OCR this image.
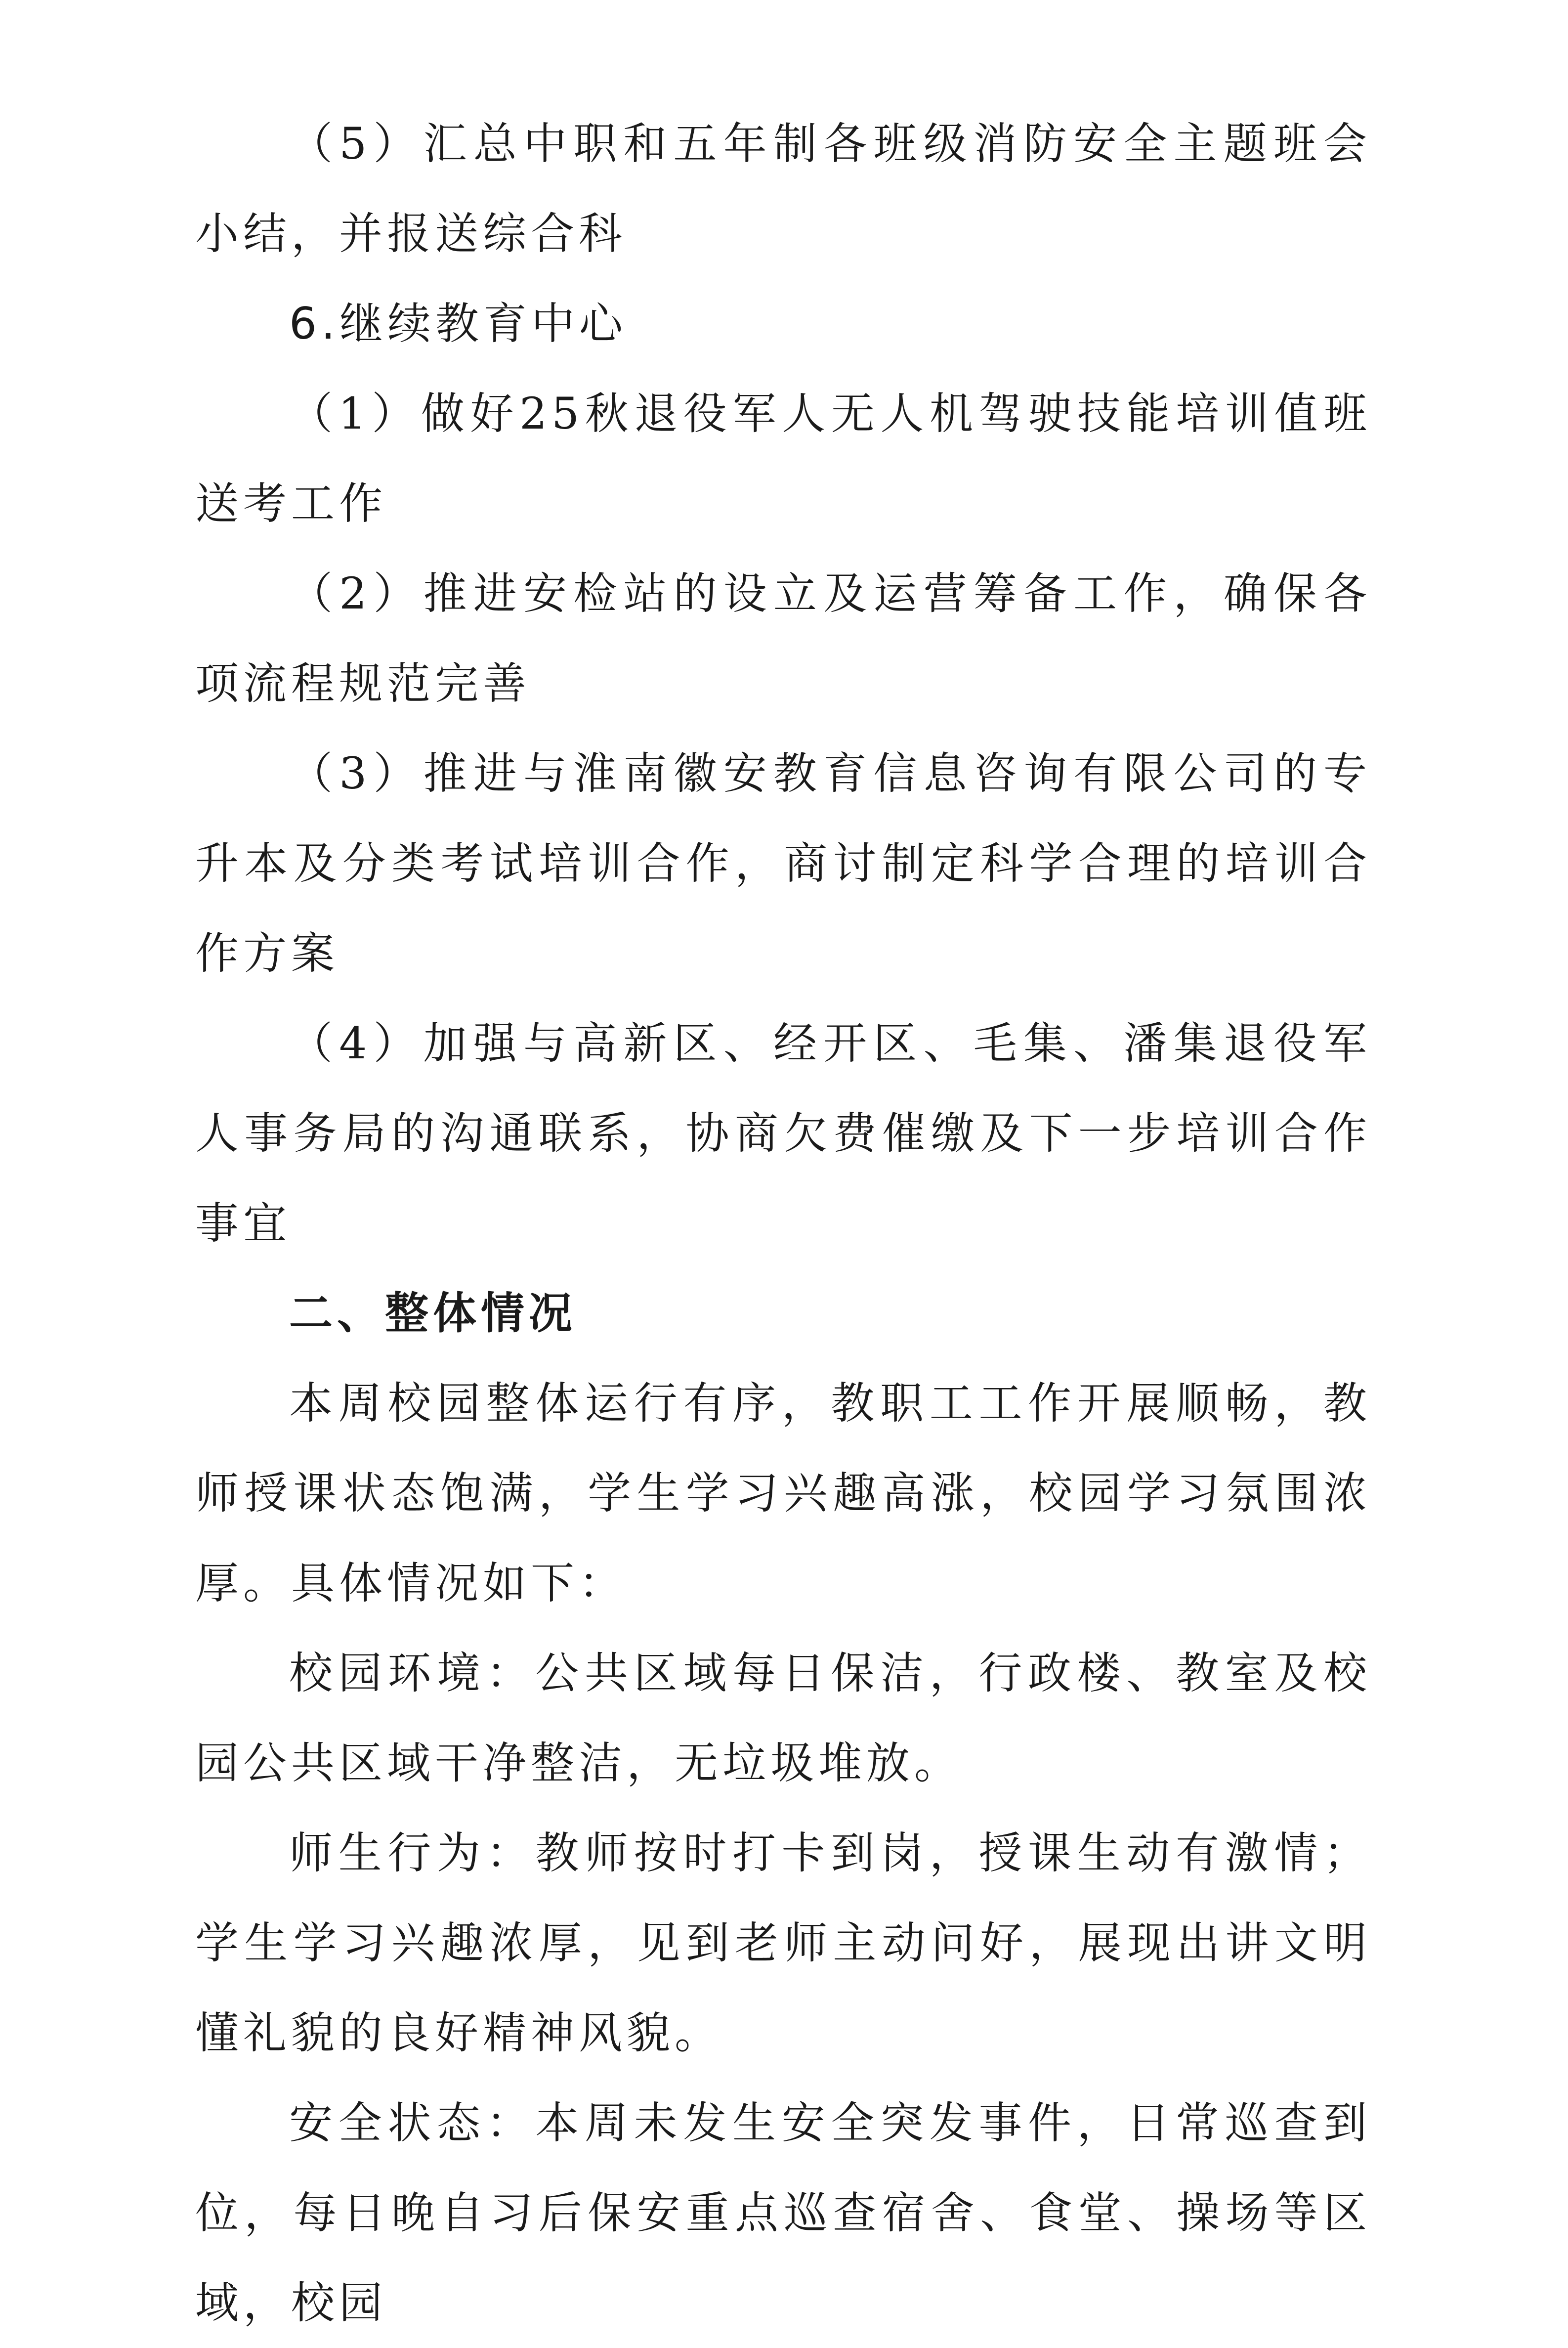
（5）汇总中职和五年制各班级消防安全主题班会小结，并报送综合科

6.继续教育中心

（1）做好25秋退役军人无人机驾驶技能培训值班送考工作

（2）推进安检站的设立及运营筹备工作，确保各项流程规范完善

（3）推进与淮南徽安教育信息咨询有限公司的专升本及分类考试培训合作，商讨制定科学合理的培训合作方案

（4）加强与高新区、经开区、毛集、潘集退役军人事务局的沟通联系，协商欠费催缴及下一步培训合作事宜

二、整体情况

本周校园整体运行有序，教职工工作开展顺畅，教师授课状态饱满，学生学习兴趣高涨，校园学习氛围浓厚。具体情况如下：

校园环境：公共区域每日保洁，行政楼、教室及校园公共区域干净整洁，无垃圾堆放。

师生行为：教师按时打卡到岗，授课生动有激情；学生学习兴趣浓厚，见到老师主动问好，展现出讲文明懂礼貌的良好精神风貌。

安全状态：本周未发生安全突发事件，日常巡查到位，每日晚自习后保安重点巡查宿舍、食堂、操场等区域，校园
